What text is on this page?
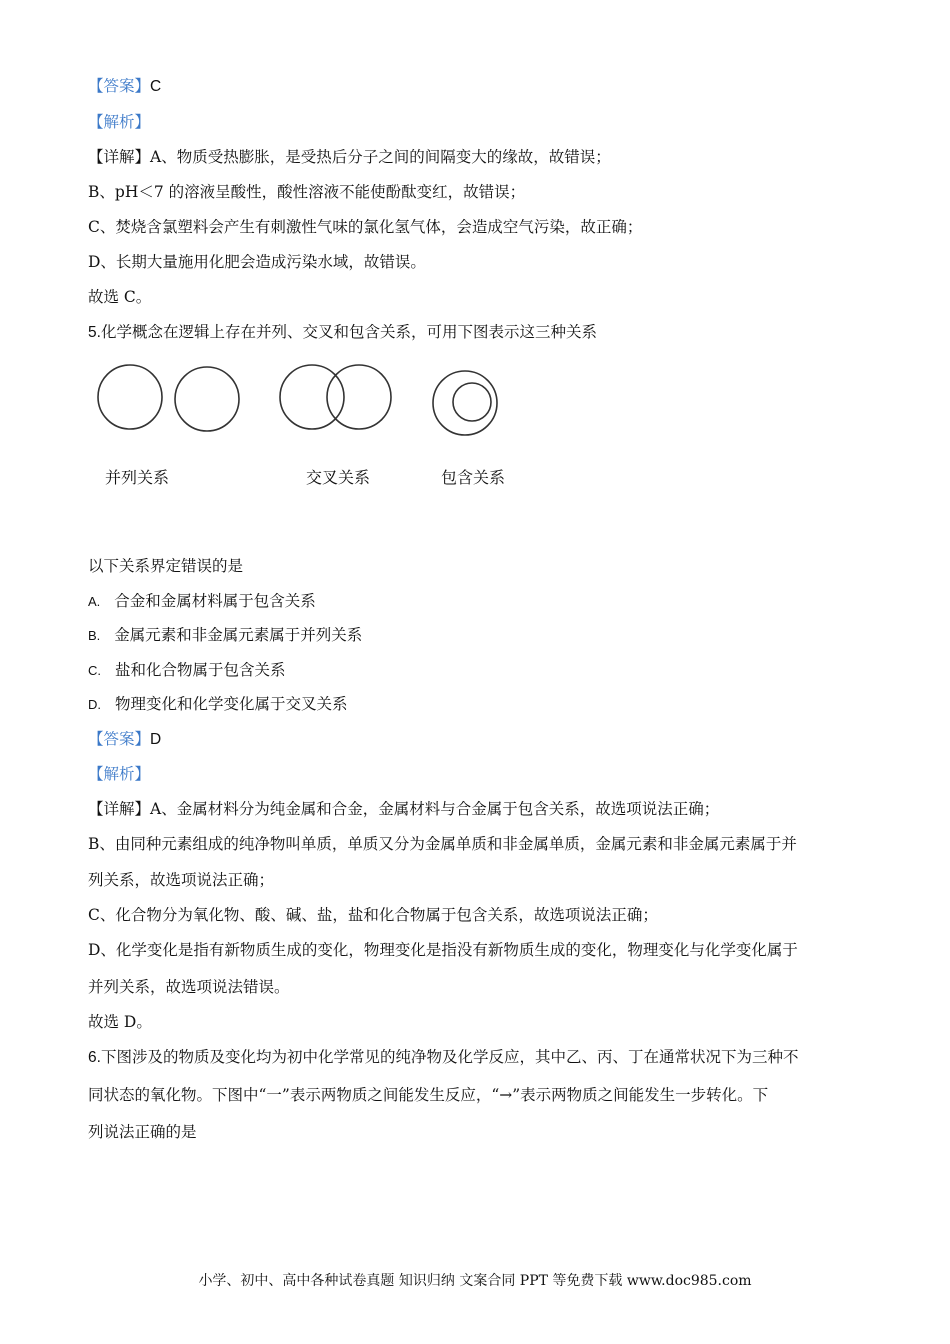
【答案】C
【解析】
【详解】A、物质受热膨胀，是受热后分子之间的间隔变大的缘故，故错误；
B、pH＜7 的溶液呈酸性，酸性溶液不能使酚酞变红，故错误；
C、焚烧含氯塑料会产生有刺激性气味的氯化氢气体，会造成空气污染，故正确；
D、长期大量施用化肥会造成污染水域，故错误。
故选 C。
5.化学概念在逻辑上存在并列、交叉和包含关系，可用下图表示这三种关系
并列关系	交叉关系	包含关系
以下关系界定错误的是
A. 合金和金属材料属于包含关系
B. 金属元素和非金属元素属于并列关系
C. 盐和化合物属于包含关系
D. 物理变化和化学变化属于交叉关系
【答案】D
【解析】
【详解】A、金属材料分为纯金属和合金，金属材料与合金属于包含关系，故选项说法正确；
B、由同种元素组成的纯净物叫单质，单质又分为金属单质和非金属单质，金属元素和非金属元素属于并
列关系，故选项说法正确；
C、化合物分为氧化物、酸、碱、盐，盐和化合物属于包含关系，故选项说法正确；
D、化学变化是指有新物质生成的变化，物理变化是指没有新物质生成的变化，物理变化与化学变化属于
并列关系，故选项说法错误。
故选 D。
6.下图涉及的物质及变化均为初中化学常见的纯净物及化学反应，其中乙、丙、丁在通常状况下为三种不
同状态的氧化物。下图中“一”表示两物质之间能发生反应，“→”表示两物质之间能发生一步转化。下
列说法正确的是
小学、初中、高中各种试卷真题 知识归纳 文案合同 PPT 等免费下载 www.doc985.com
